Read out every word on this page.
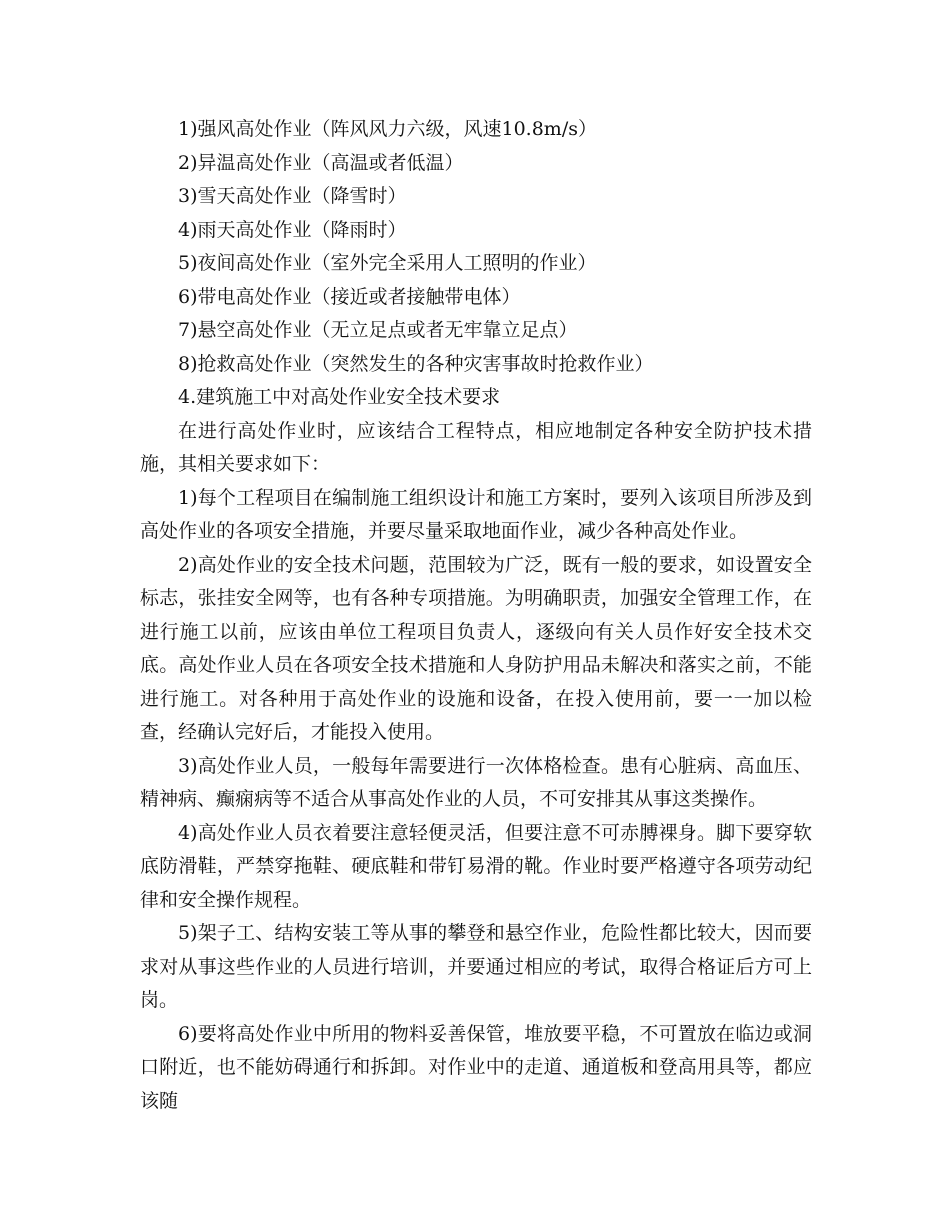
1)强风高处作业（阵风风力六级，风速10.8m/s）

2)异温高处作业（高温或者低温）

3)雪天高处作业（降雪时）

4)雨天高处作业（降雨时）

5)夜间高处作业（室外完全采用人工照明的作业）

6)带电高处作业（接近或者接触带电体）

7)悬空高处作业（无立足点或者无牢靠立足点）

8)抢救高处作业（突然发生的各种灾害事故时抢救作业）

4.建筑施工中对高处作业安全技术要求

在进行高处作业时，应该结合工程特点，相应地制定各种安全防护技术措施，其相关要求如下：

1)每个工程项目在编制施工组织设计和施工方案时，要列入该项目所涉及到高处作业的各项安全措施，并要尽量采取地面作业，减少各种高处作业。

2)高处作业的安全技术问题，范围较为广泛，既有一般的要求，如设置安全标志，张挂安全网等，也有各种专项措施。为明确职责，加强安全管理工作，在进行施工以前，应该由单位工程项目负责人，逐级向有关人员作好安全技术交底。高处作业人员在各项安全技术措施和人身防护用品未解决和落实之前，不能进行施工。对各种用于高处作业的设施和设备，在投入使用前，要一一加以检查，经确认完好后，才能投入使用。

3)高处作业人员，一般每年需要进行一次体格检查。患有心脏病、高血压、精神病、癫痫病等不适合从事高处作业的人员，不可安排其从事这类操作。

4)高处作业人员衣着要注意轻便灵活，但要注意不可赤膊裸身。脚下要穿软底防滑鞋，严禁穿拖鞋、硬底鞋和带钉易滑的靴。作业时要严格遵守各项劳动纪律和安全操作规程。

5)架子工、结构安装工等从事的攀登和悬空作业，危险性都比较大，因而要求对从事这些作业的人员进行培训，并要通过相应的考试，取得合格证后方可上岗。

6)要将高处作业中所用的物料妥善保管，堆放要平稳，不可置放在临边或洞口附近，也不能妨碍通行和拆卸。对作业中的走道、通道板和登高用具等，都应该随
